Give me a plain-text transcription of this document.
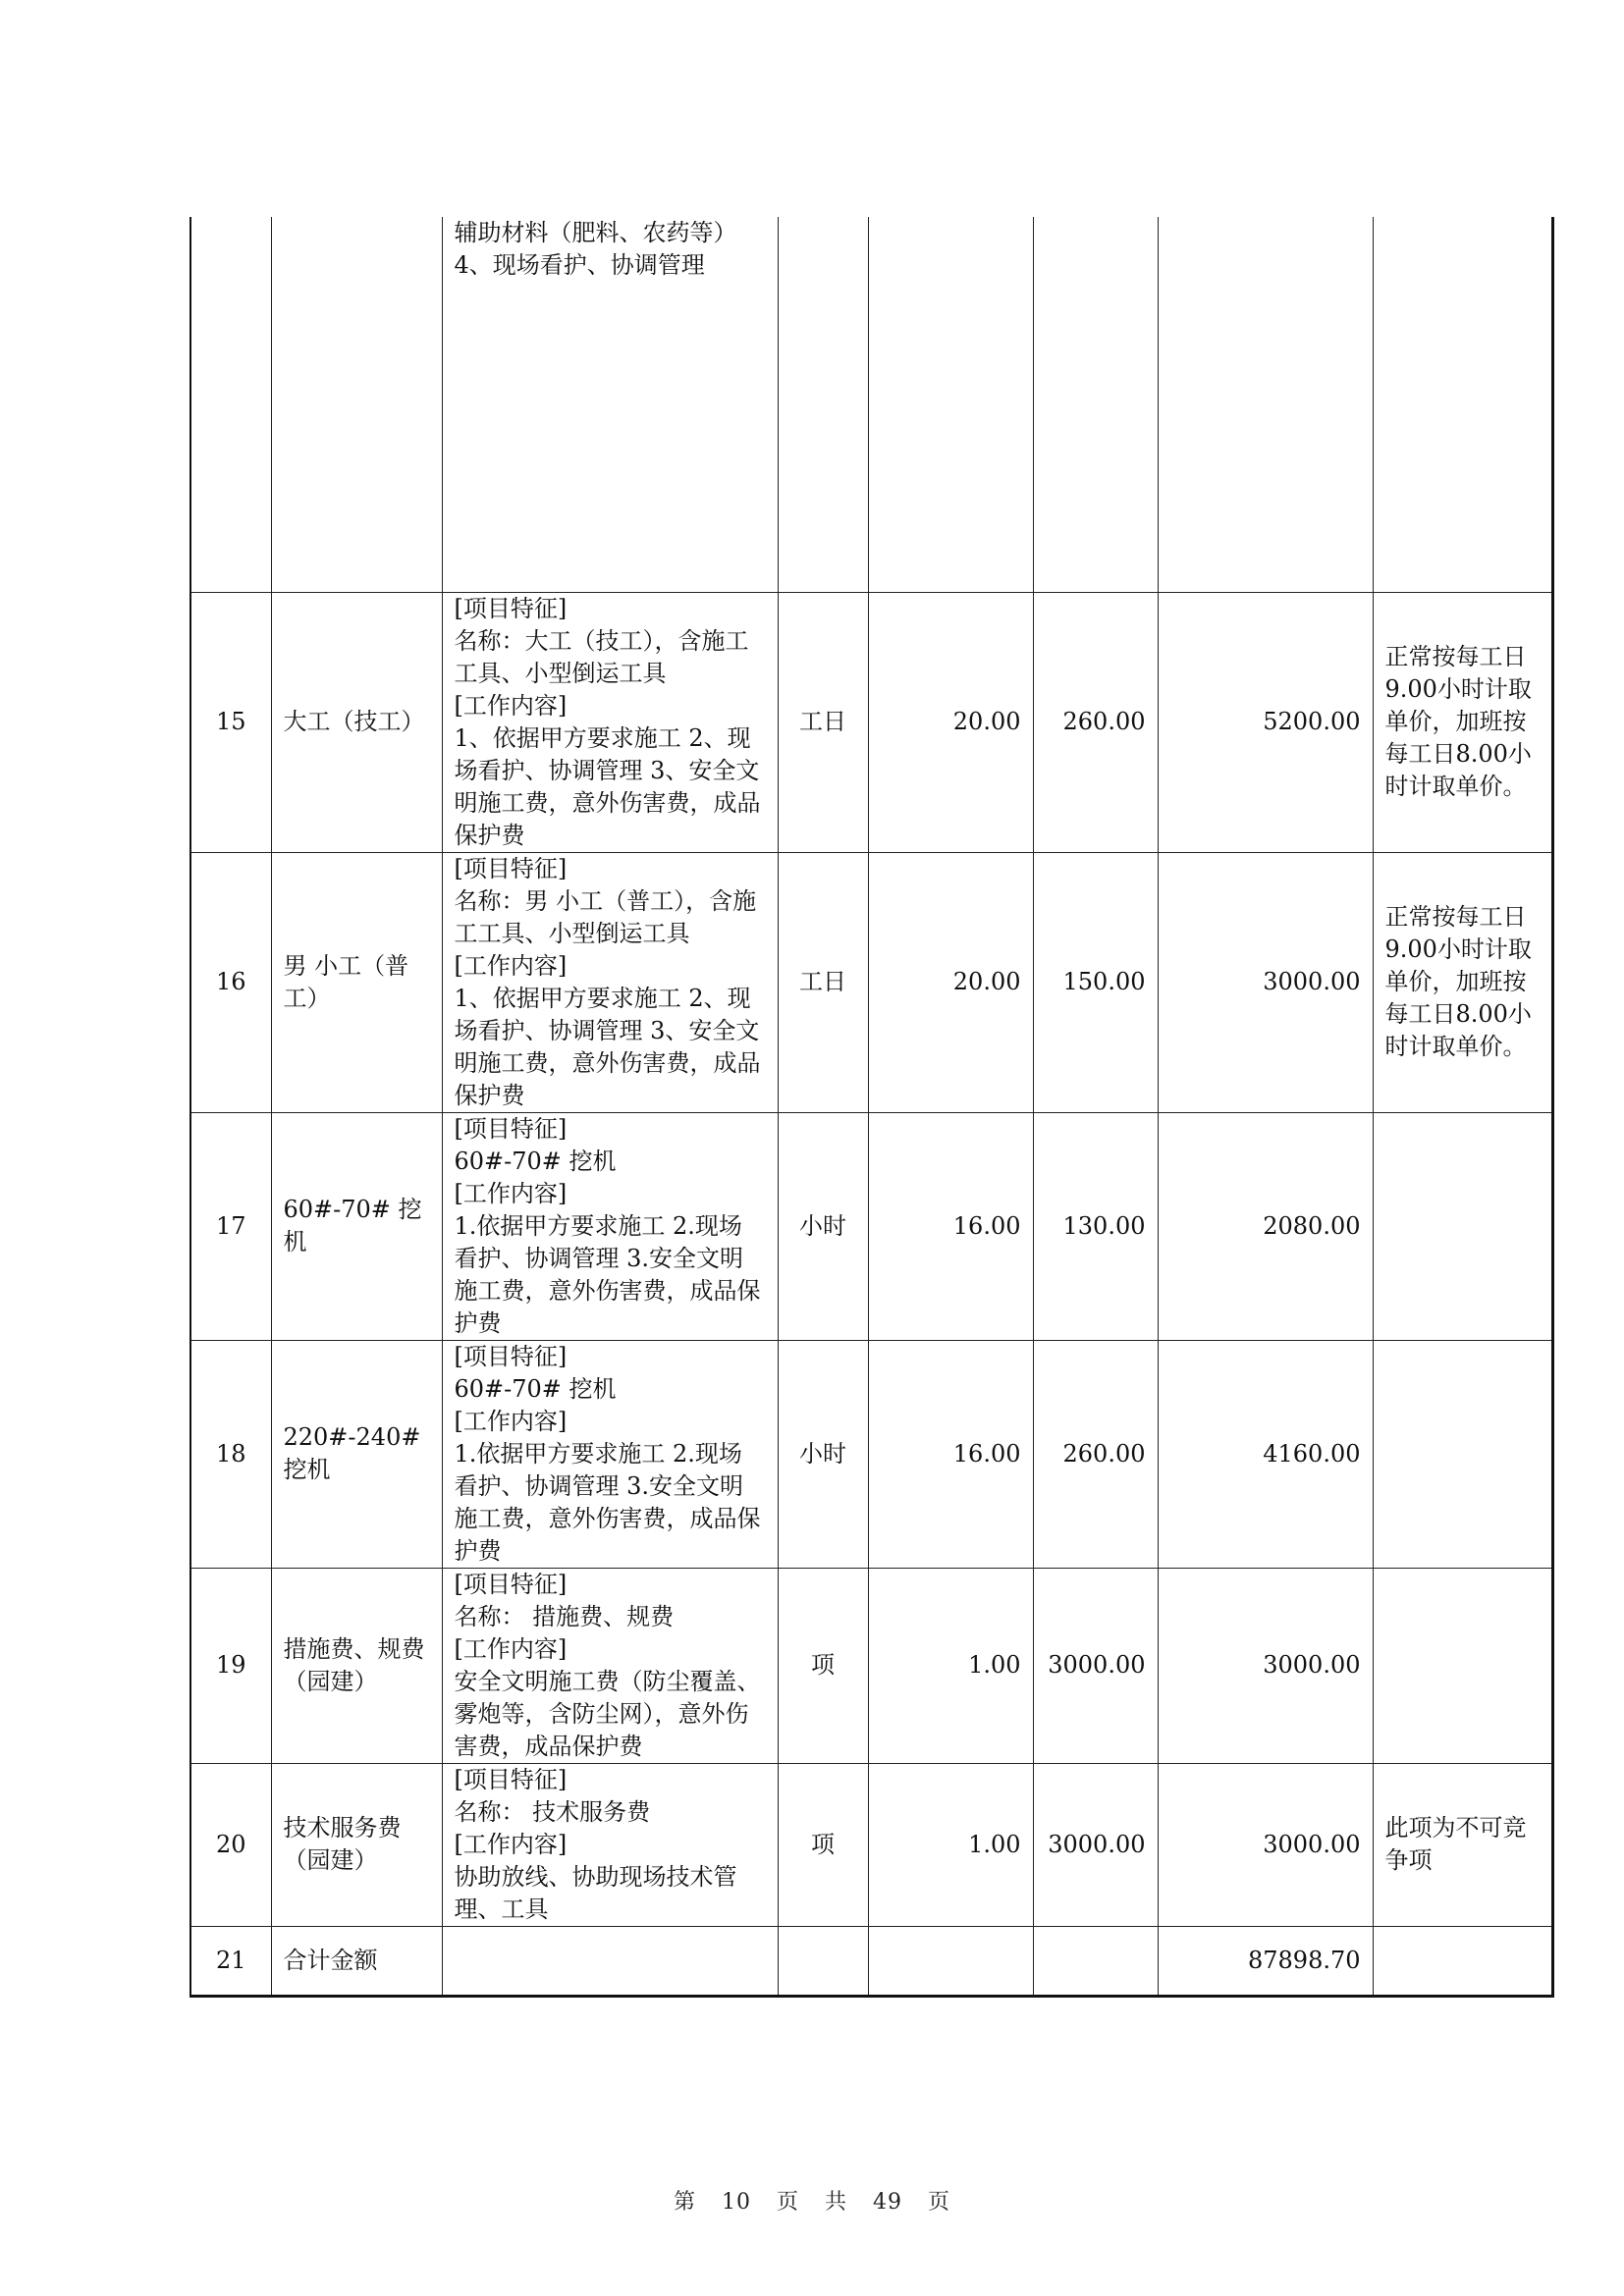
		辅助材料（肥料、农药等）
4、现场看护、协调管理					

15	大工（技工）	[项目特征]
名称：大工（技工），含施工工具、小型倒运工具
[工作内容]
1、依据甲方要求施工 2、现场看护、协调管理 3、安全文明施工费，意外伤害费，成品保护费	工日	20.00	260.00	5200.00	正常按每工日9.00小时计取单价，加班按每工日8.00小时计取单价。
16	男 小工（普工）	[项目特征]
名称：男 小工（普工），含施工工具、小型倒运工具
[工作内容]
1、依据甲方要求施工 2、现场看护、协调管理 3、安全文明施工费，意外伤害费，成品保护费	工日	20.00	150.00	3000.00	正常按每工日9.00小时计取单价，加班按每工日8.00小时计取单价。
17	60#-70# 挖机	[项目特征]
60#-70# 挖机
[工作内容]
1.依据甲方要求施工 2.现场看护、协调管理 3.安全文明施工费，意外伤害费，成品保护费	小时	16.00	130.00	2080.00	
18	220#-240# 挖机	[项目特征]
60#-70# 挖机
[工作内容]
1.依据甲方要求施工 2.现场看护、协调管理 3.安全文明施工费，意外伤害费，成品保护费	小时	16.00	260.00	4160.00	
19	措施费、规费（园建）	[项目特征]
名称： 措施费、规费
[工作内容]
安全文明施工费（防尘覆盖、雾炮等，含防尘网），意外伤害费，成品保护费	项	1.00	3000.00	3000.00	
20	技术服务费（园建）	[项目特征]
名称： 技术服务费
[工作内容]
协助放线、协助现场技术管理、工具	项	1.00	3000.00	3000.00	此项为不可竞争项
21	合计金额					87898.70	
第 10 页 共 49 页
